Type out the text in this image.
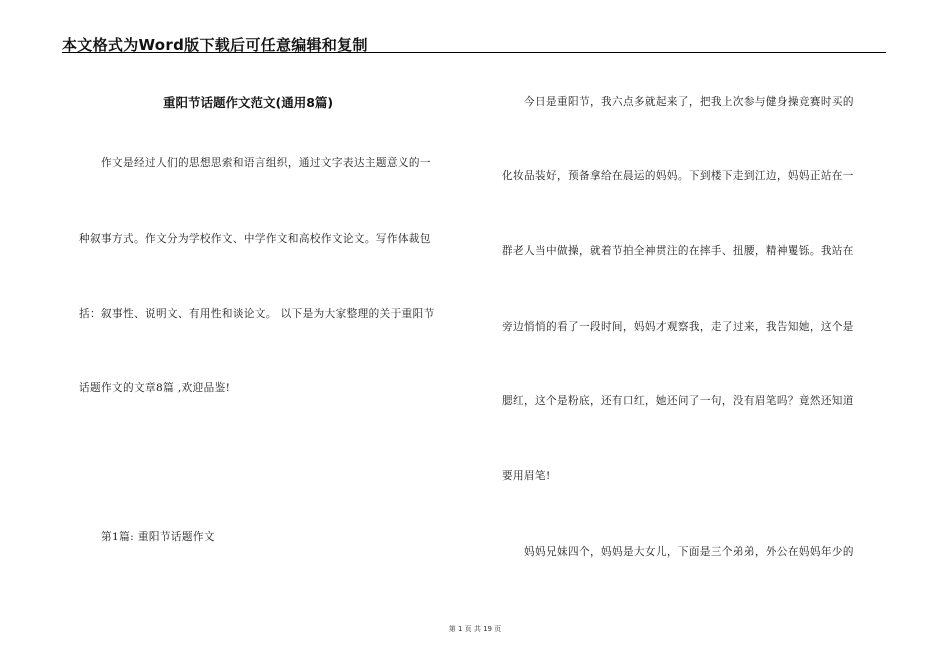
本文格式为Word版下载后可任意编辑和复制
重阳节话题作文范文(通用8篇)
作文是经过人们的思想思索和语言组织，通过文字表达主题意义的一
种叙事方式。作文分为学校作文、中学作文和高校作文论文。写作体裁包
括：叙事性、说明文、有用性和谈论文。 以下是为大家整理的关于重阳节
话题作文的文章8篇 ,欢迎品鉴!
第1篇: 重阳节话题作文
今日是重阳节，我六点多就起来了，把我上次参与健身操竞赛时买的
化妆品装好，预备拿给在晨运的妈妈。下到楼下走到江边，妈妈正站在一
群老人当中做操，就着节拍全神贯注的在摔手、扭腰，精神矍铄。我站在
旁边悄悄的看了一段时间，妈妈才观察我，走了过来，我告知她，这个是
腮红，这个是粉底，还有口红，她还问了一句，没有眉笔吗？竟然还知道
要用眉笔!
妈妈兄妹四个，妈妈是大女儿，下面是三个弟弟，外公在妈妈年少的
第 1 页 共 19 页
